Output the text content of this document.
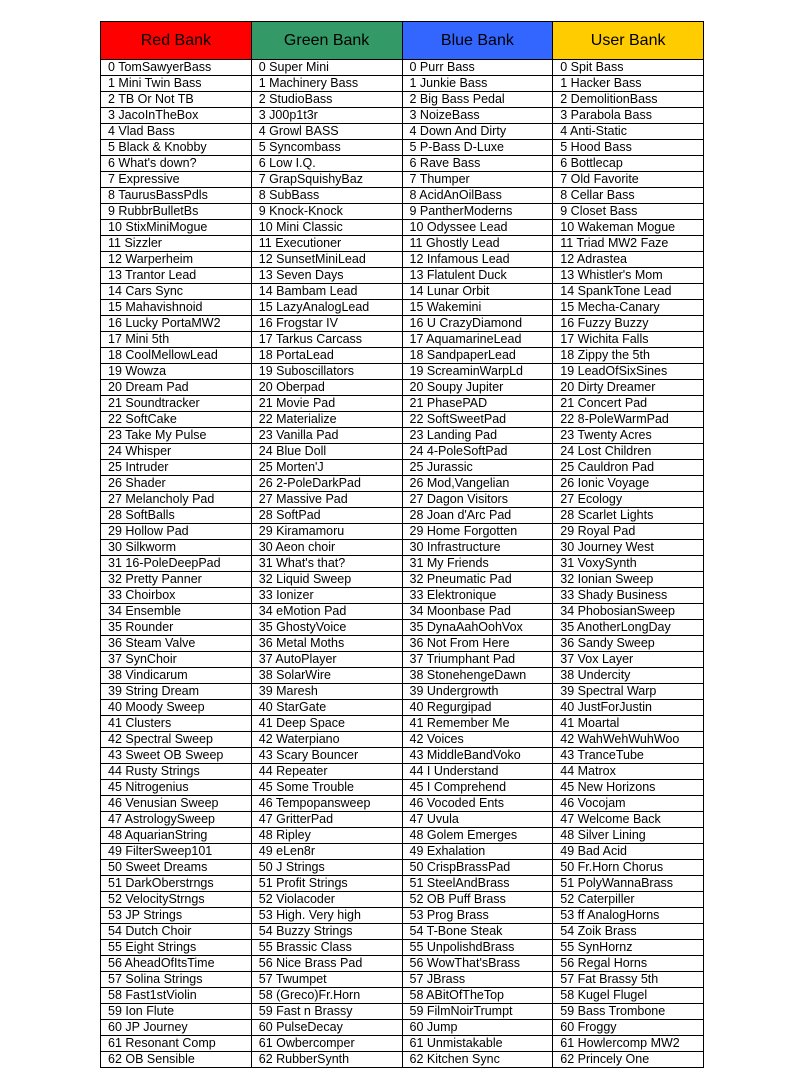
Red Bank	Green Bank	Blue Bank	User Bank
0 TomSawyerBass	0 Super Mini	0 Purr Bass	0 Spit Bass
1 Mini Twin Bass	1 Machinery Bass	1 Junkie Bass	1 Hacker Bass
2 TB Or Not TB	2 StudioBass	2 Big Bass Pedal	2 DemolitionBass
3 JacoInTheBox	3 J00p1t3r	3 NoizeBass	3 Parabola Bass
4 Vlad Bass	4 Growl BASS	4 Down And Dirty	4 Anti-Static
5 Black & Knobby	5 Syncombass	5 P-Bass D-Luxe	5 Hood Bass
6 What's down?	6 Low I.Q.	6 Rave Bass	6 Bottlecap
7 Expressive	7 GrapSquishyBaz	7 Thumper	7 Old Favorite
8 TaurusBassPdls	8 SubBass	8 AcidAnOilBass	8 Cellar Bass
9 RubbrBulletBs	9 Knock-Knock	9 PantherModerns	9 Closet Bass
10 StixMiniMogue	10 Mini Classic	10 Odyssee Lead	10 Wakeman Mogue
11 Sizzler	11 Executioner	11 Ghostly Lead	11 Triad MW2 Faze
12 Warperheim	12 SunsetMiniLead	12 Infamous Lead	12 Adrastea
13 Trantor Lead	13 Seven Days	13 Flatulent Duck	13 Whistler's Mom
14 Cars Sync	14 Bambam Lead	14 Lunar Orbit	14 SpankTone Lead
15 Mahavishnoid	15 LazyAnalogLead	15 Wakemini	15 Mecha-Canary
16 Lucky PortaMW2	16 Frogstar IV	16 U CrazyDiamond	16 Fuzzy Buzzy
17 Mini 5th	17 Tarkus Carcass	17 AquamarineLead	17 Wichita Falls
18 CoolMellowLead	18 PortaLead	18 SandpaperLead	18 Zippy the 5th
19 Wowza	19 Suboscillators	19 ScreaminWarpLd	19 LeadOfSixSines
20 Dream Pad	20 Oberpad	20 Soupy Jupiter	20 Dirty Dreamer
21 Soundtracker	21 Movie Pad	21 PhasePAD	21 Concert Pad
22 SoftCake	22 Materialize	22 SoftSweetPad	22 8-PoleWarmPad
23 Take My Pulse	23 Vanilla Pad	23 Landing Pad	23 Twenty Acres
24 Whisper	24 Blue Doll	24 4-PoleSoftPad	24 Lost Children
25 Intruder	25 Morten'J	25 Jurassic	25 Cauldron Pad
26 Shader	26 2-PoleDarkPad	26 Mod,Vangelian	26 Ionic Voyage
27 Melancholy Pad	27 Massive Pad	27 Dagon Visitors	27 Ecology
28 SoftBalls	28 SoftPad	28 Joan d'Arc Pad	28 Scarlet Lights
29 Hollow Pad	29 Kiramamoru	29 Home Forgotten	29 Royal Pad
30 Silkworm	30 Aeon choir	30 Infrastructure	30 Journey West
31 16-PoleDeepPad	31 What's that?	31 My Friends	31 VoxySynth
32 Pretty Panner	32 Liquid Sweep	32 Pneumatic Pad	32 Ionian Sweep
33 Choirbox	33 Ionizer	33 Elektronique	33 Shady Business
34 Ensemble	34 eMotion Pad	34 Moonbase Pad	34 PhobosianSweep
35 Rounder	35 GhostyVoice	35 DynaAahOohVox	35 AnotherLongDay
36 Steam Valve	36 Metal Moths	36 Not From Here	36 Sandy Sweep
37 SynChoir	37 AutoPlayer	37 Triumphant Pad	37 Vox Layer
38 Vindicarum	38 SolarWire	38 StonehengeDawn	38 Undercity
39 String Dream	39 Maresh	39 Undergrowth	39 Spectral Warp
40 Moody Sweep	40 StarGate	40 Regurgipad	40 JustForJustin
41 Clusters	41 Deep Space	41 Remember Me	41 Moartal
42 Spectral Sweep	42 Waterpiano	42 Voices	42 WahWehWuhWoo
43 Sweet OB Sweep	43 Scary Bouncer	43 MiddleBandVoko	43 TranceTube
44 Rusty Strings	44 Repeater	44 I Understand	44 Matrox
45 Nitrogenius	45 Some Trouble	45 I Comprehend	45 New Horizons
46 Venusian Sweep	46 Tempopansweep	46 Vocoded Ents	46 Vocojam
47 AstrologySweep	47 GritterPad	47 Uvula	47 Welcome Back
48 AquarianString	48 Ripley	48 Golem Emerges	48 Silver Lining
49 FilterSweep101	49 eLen8r	49 Exhalation	49 Bad Acid
50 Sweet Dreams	50 J Strings	50 CrispBrassPad	50 Fr.Horn Chorus
51 DarkOberstrngs	51 Profit Strings	51 SteelAndBrass	51 PolyWannaBrass
52 VelocityStrngs	52 Violacoder	52 OB Puff Brass	52 Caterpiller
53 JP Strings	53 High. Very high	53 Prog Brass	53 ff AnalogHorns
54 Dutch Choir	54 Buzzy Strings	54 T-Bone Steak	54 Zoik Brass
55 Eight Strings	55 Brassic Class	55 UnpolishdBrass	55 SynHornz
56 AheadOfItsTime	56 Nice Brass Pad	56 WowThat'sBrass	56 Regal Horns
57 Solina Strings	57 Twumpet	57 JBrass	57 Fat Brassy 5th
58 Fast1stViolin	58 (Greco)Fr.Horn	58 ABitOfTheTop	58 Kugel Flugel
59 Ion Flute	59 Fast n Brassy	59 FilmNoirTrumpt	59 Bass Trombone
60 JP Journey	60 PulseDecay	60 Jump	60 Froggy
61 Resonant Comp	61 Owbercomper	61 Unmistakable	61 Howlercomp MW2
62 OB Sensible	62 RubberSynth	62 Kitchen Sync	62 Princely One
